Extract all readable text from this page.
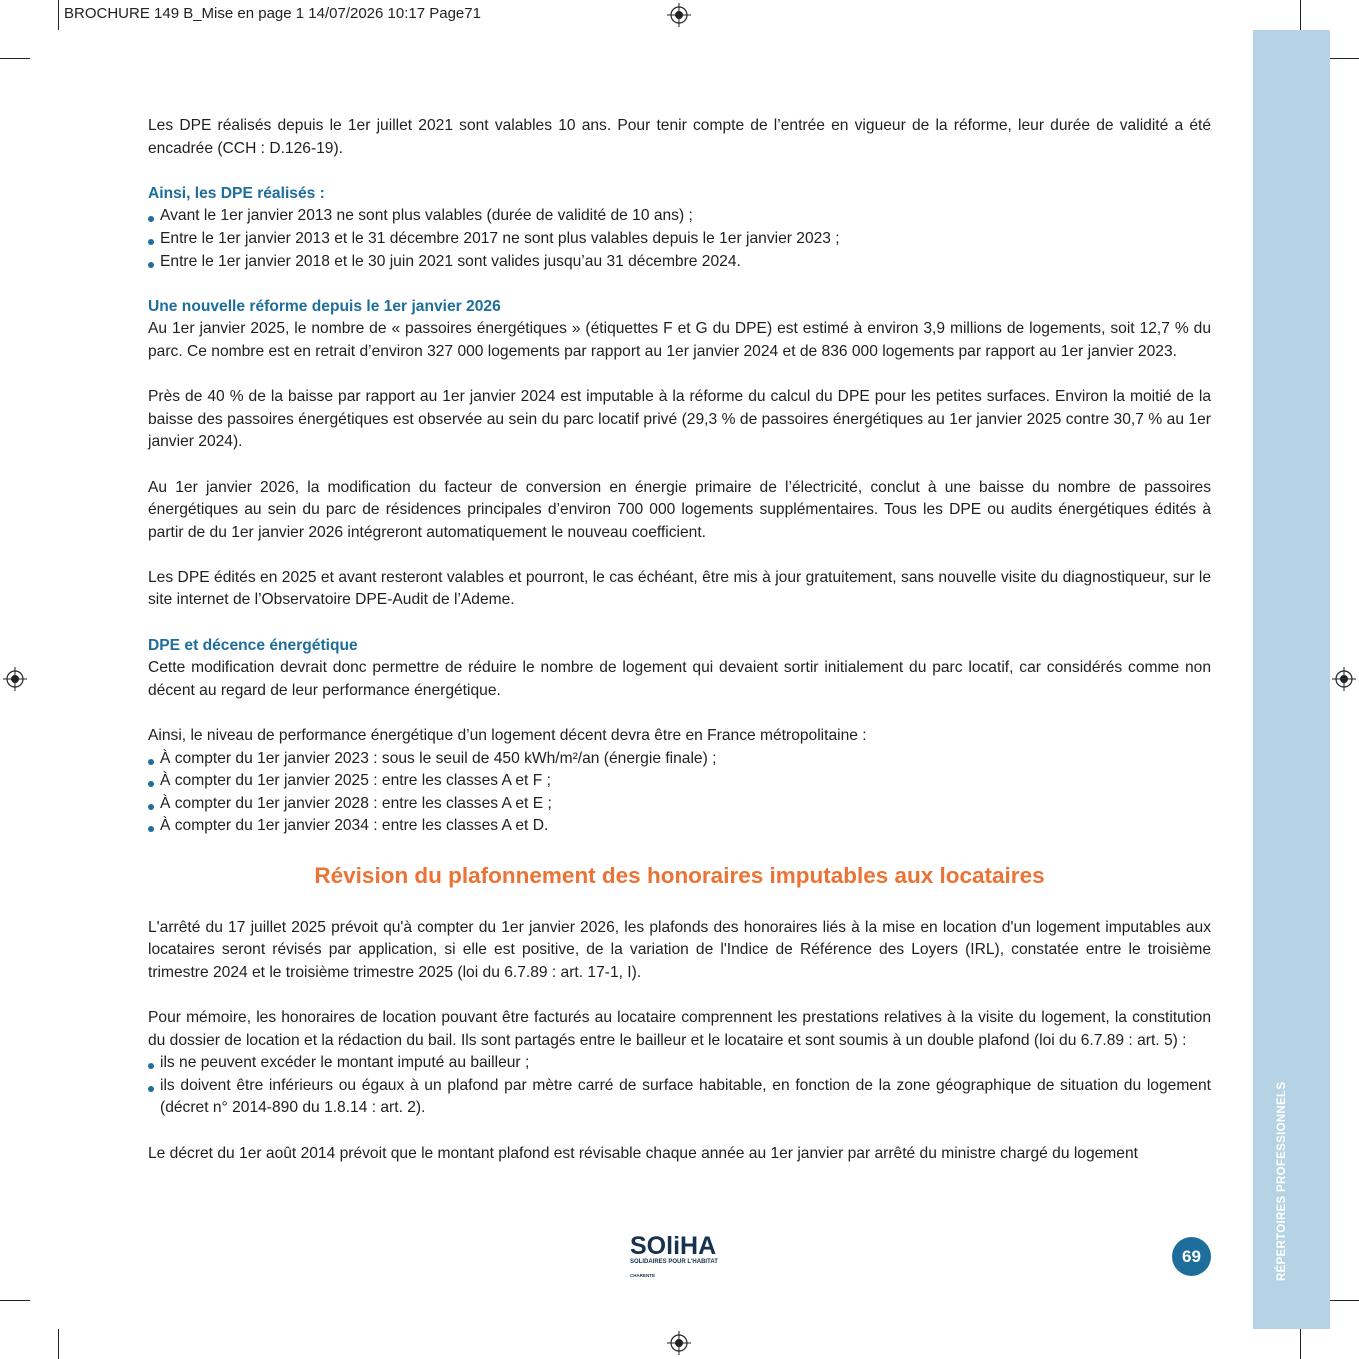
BROCHURE 149 B_Mise en page 1 14/07/2026 10:17 Page71
RÉPERTOIRES PROFESSIONNELS

Les DPE réalisés depuis le 1er juillet 2021 sont valables 10 ans. Pour tenir compte de l’entrée en vigueur de la réforme, leur durée de validité a été encadrée (CCH : D.126-19).

Ainsi, les DPE réalisés :
Avant le 1er janvier 2013 ne sont plus valables (durée de validité de 10 ans) ;
Entre le 1er janvier 2013 et le 31 décembre 2017 ne sont plus valables depuis le 1er janvier 2023 ;
Entre le 1er janvier 2018 et le 30 juin 2021 sont valides jusqu’au 31 décembre 2024.
Une nouvelle réforme depuis le 1er janvier 2026

Au 1er janvier 2025, le nombre de « passoires énergétiques » (étiquettes F et G du DPE) est estimé à environ 3,9 millions de logements, soit 12,7 % du parc. Ce nombre est en retrait d’environ 327 000 logements par rapport au 1er janvier 2024 et de 836 000 logements par rapport au 1er janvier 2023.

Près de 40 % de la baisse par rapport au 1er janvier 2024 est imputable à la réforme du calcul du DPE pour les petites surfaces. Environ la moitié de la baisse des passoires énergétiques est observée au sein du parc locatif privé (29,3 % de passoires énergétiques au 1er janvier 2025 contre 30,7 % au 1er janvier 2024).

Au 1er janvier 2026, la modification du facteur de conversion en énergie primaire de l’électricité, conclut à une baisse du nombre de passoires énergétiques au sein du parc de résidences principales d’environ 700 000 logements supplémentaires. Tous les DPE ou audits énergétiques édités à partir de du 1er janvier 2026 intégreront automatiquement le nouveau coefficient.

Les DPE édités en 2025 et avant resteront valables et pourront, le cas échéant, être mis à jour gratuitement, sans nouvelle visite du diagnostiqueur, sur le site internet de l’Observatoire DPE-Audit de l’Ademe.

DPE et décence énergétique

Cette modification devrait donc permettre de réduire le nombre de logement qui devaient sortir initialement du parc locatif, car considérés comme non décent au regard de leur performance énergétique.

Ainsi, le niveau de performance énergétique d’un logement décent devra être en France métropolitaine :

À compter du 1er janvier 2023 : sous le seuil de 450 kWh/m²/an (énergie finale) ;
À compter du 1er janvier 2025 : entre les classes A et F ;
À compter du 1er janvier 2028 : entre les classes A et E ;
À compter du 1er janvier 2034 : entre les classes A et D.
Révision du plafonnement des honoraires imputables aux locataires

L'arrêté du 17 juillet 2025 prévoit qu'à compter du 1er janvier 2026, les plafonds des honoraires liés à la mise en location d'un logement imputables aux locataires seront révisés par application, si elle est positive, de la variation de l'Indice de Référence des Loyers (IRL), constatée entre le troisième trimestre 2024 et le troisième trimestre 2025 (loi du 6.7.89 : art. 17-1, I).

Pour mémoire, les honoraires de location pouvant être facturés au locataire comprennent les prestations relatives à la visite du logement, la constitution du dossier de location et la rédaction du bail. Ils sont partagés entre le bailleur et le locataire et sont soumis à un double plafond (loi du 6.7.89 : art. 5) :

ils ne peuvent excéder le montant imputé au bailleur ;
ils doivent être inférieurs ou égaux à un plafond par mètre carré de surface habitable, en fonction de la zone géographique de situation du logement (décret n° 2014-890 du 1.8.14 : art. 2).

Le décret du 1er août 2014 prévoit que le montant plafond est révisable chaque année au 1er janvier par arrêté du ministre chargé du logement

SOliHA
SOLIDAIRES POUR L'HABITAT
CHARENTE
69
